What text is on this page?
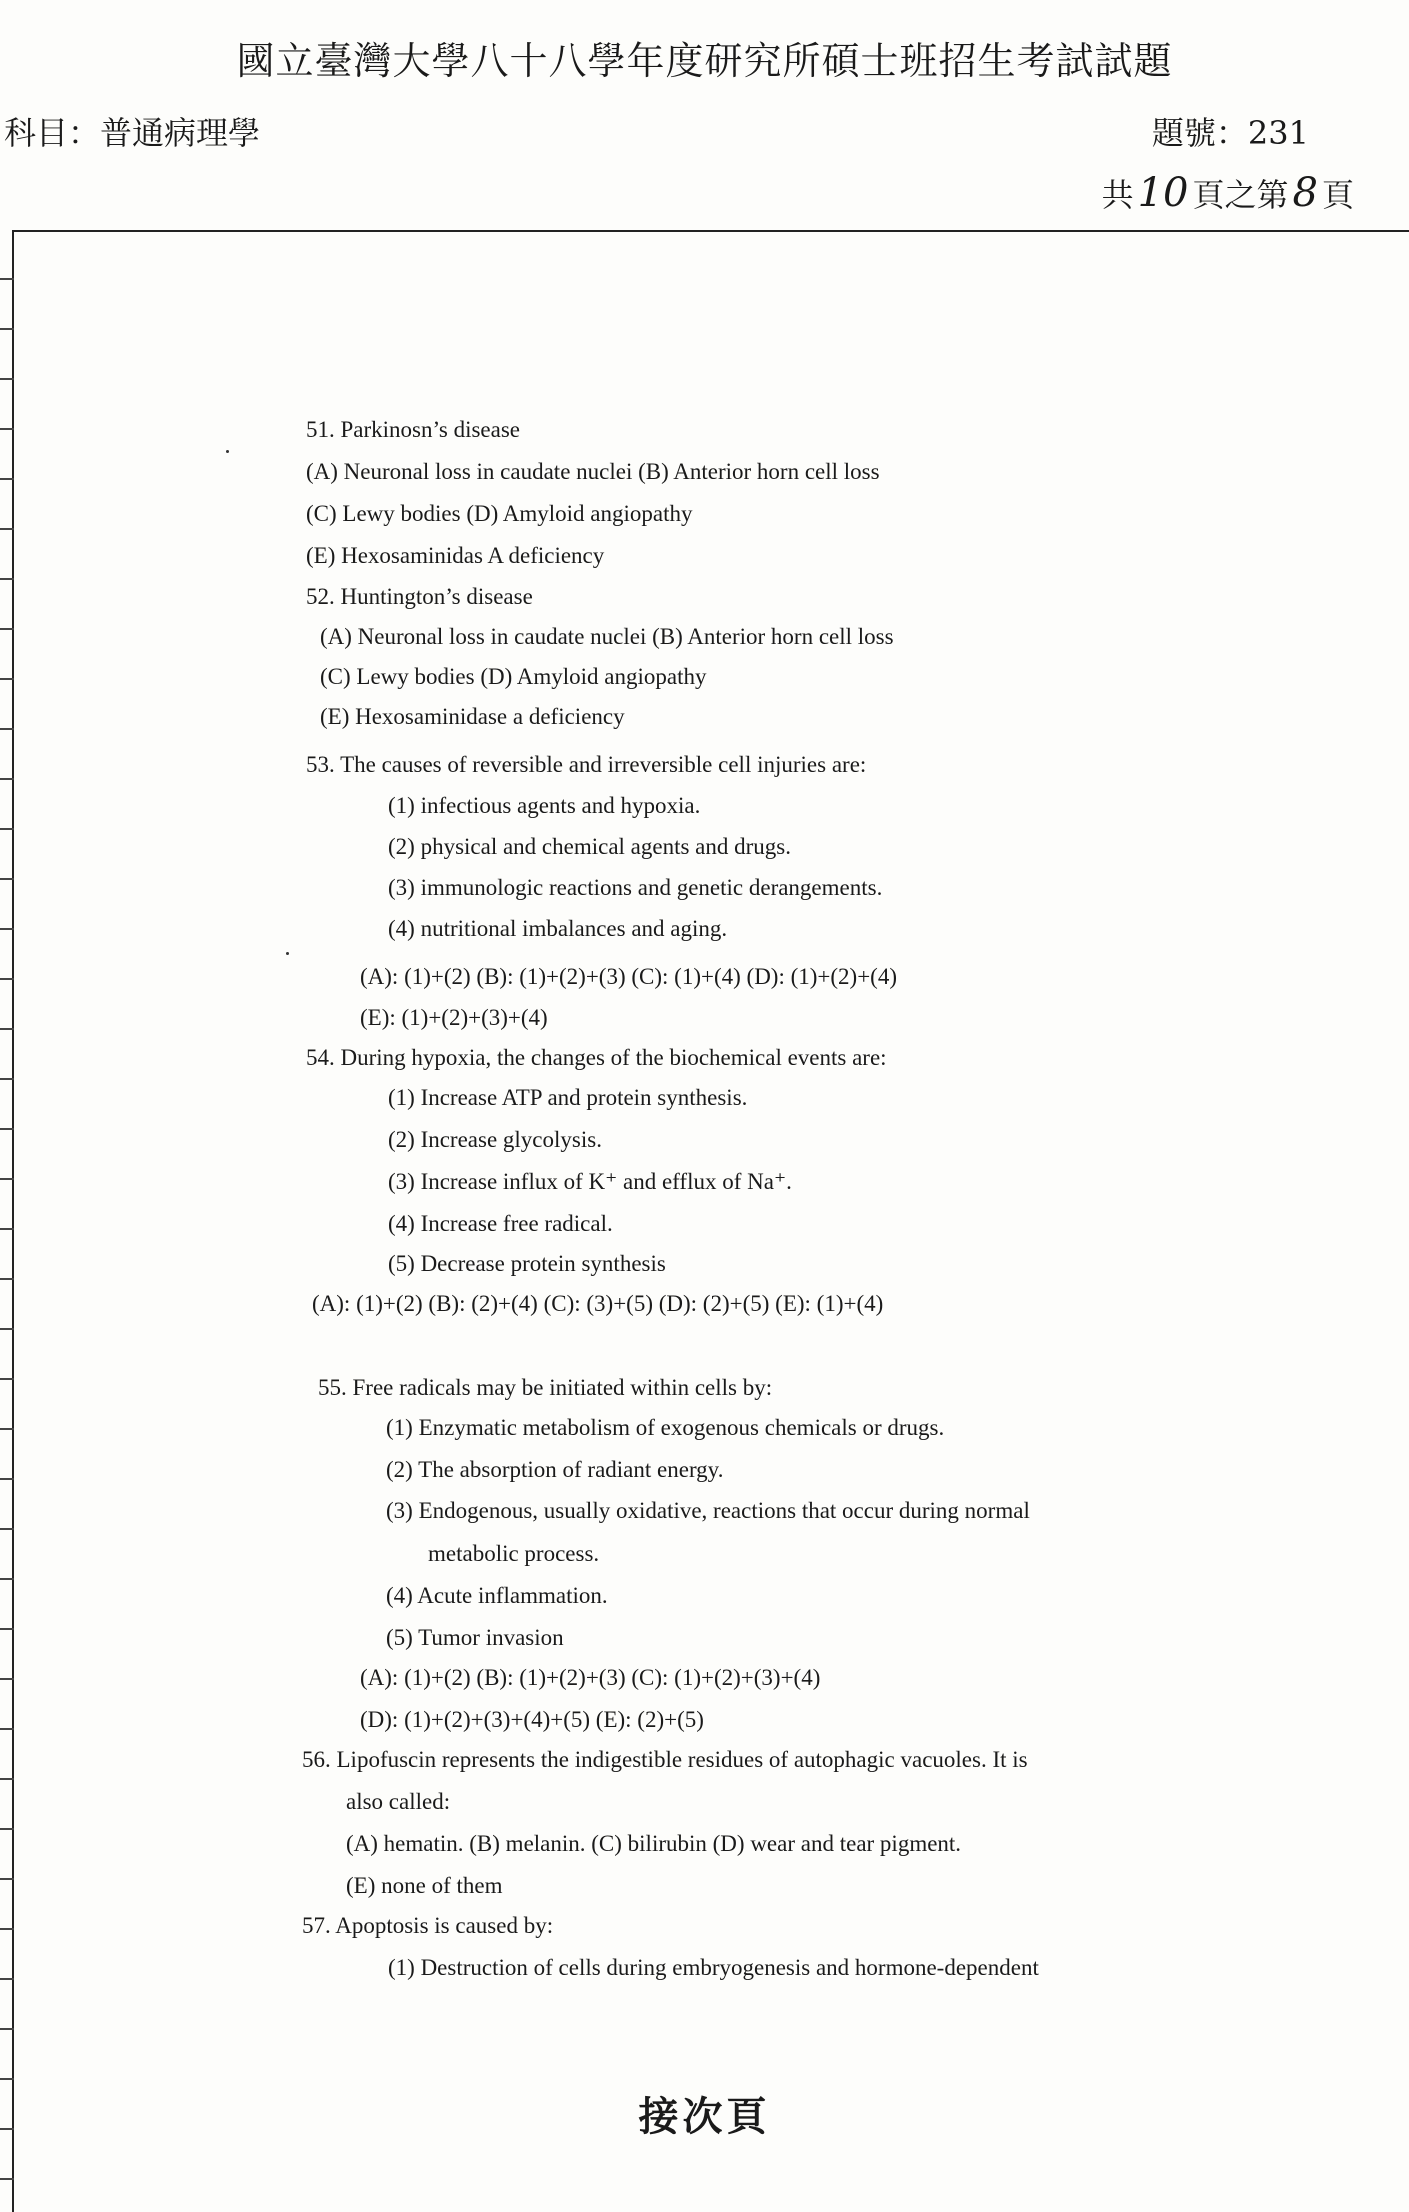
國立臺灣大學八十八學年度研究所碩士班招生考試試題
科目：普通病理學	題號：231
共 10 頁之第 8 頁
51. Parkinosn’s disease
(A) Neuronal loss in caudate nuclei (B) Anterior horn cell loss
(C) Lewy bodies (D) Amyloid angiopathy
(E) Hexosaminidas A deficiency
52. Huntington’s disease
(A) Neuronal loss in caudate nuclei (B) Anterior horn cell loss
(C) Lewy bodies (D) Amyloid angiopathy
(E) Hexosaminidase a deficiency
53. The causes of reversible and irreversible cell injuries are:
(1) infectious agents and hypoxia.
(2) physical and chemical agents and drugs.
(3) immunologic reactions and genetic derangements.
(4) nutritional imbalances and aging.
(A): (1)+(2) (B): (1)+(2)+(3) (C): (1)+(4) (D): (1)+(2)+(4)
(E): (1)+(2)+(3)+(4)
54. During hypoxia, the changes of the biochemical events are:
(1) Increase ATP and protein synthesis.
(2) Increase glycolysis.
(3) Increase influx of K⁺ and efflux of Na⁺.
(4) Increase free radical.
(5) Decrease protein synthesis
(A): (1)+(2) (B): (2)+(4) (C): (3)+(5) (D): (2)+(5) (E): (1)+(4)
55. Free radicals may be initiated within cells by:
(1) Enzymatic metabolism of exogenous chemicals or drugs.
(2) The absorption of radiant energy.
(3) Endogenous, usually oxidative, reactions that occur during normal
metabolic process.
(4) Acute inflammation.
(5) Tumor invasion
(A): (1)+(2) (B): (1)+(2)+(3) (C): (1)+(2)+(3)+(4)
(D): (1)+(2)+(3)+(4)+(5) (E): (2)+(5)
56. Lipofuscin represents the indigestible residues of autophagic vacuoles. It is
also called:
(A) hematin. (B) melanin. (C) bilirubin (D) wear and tear pigment.
(E) none of them
57. Apoptosis is caused by:
(1) Destruction of cells during embryogenesis and hormone-dependent
接次頁
